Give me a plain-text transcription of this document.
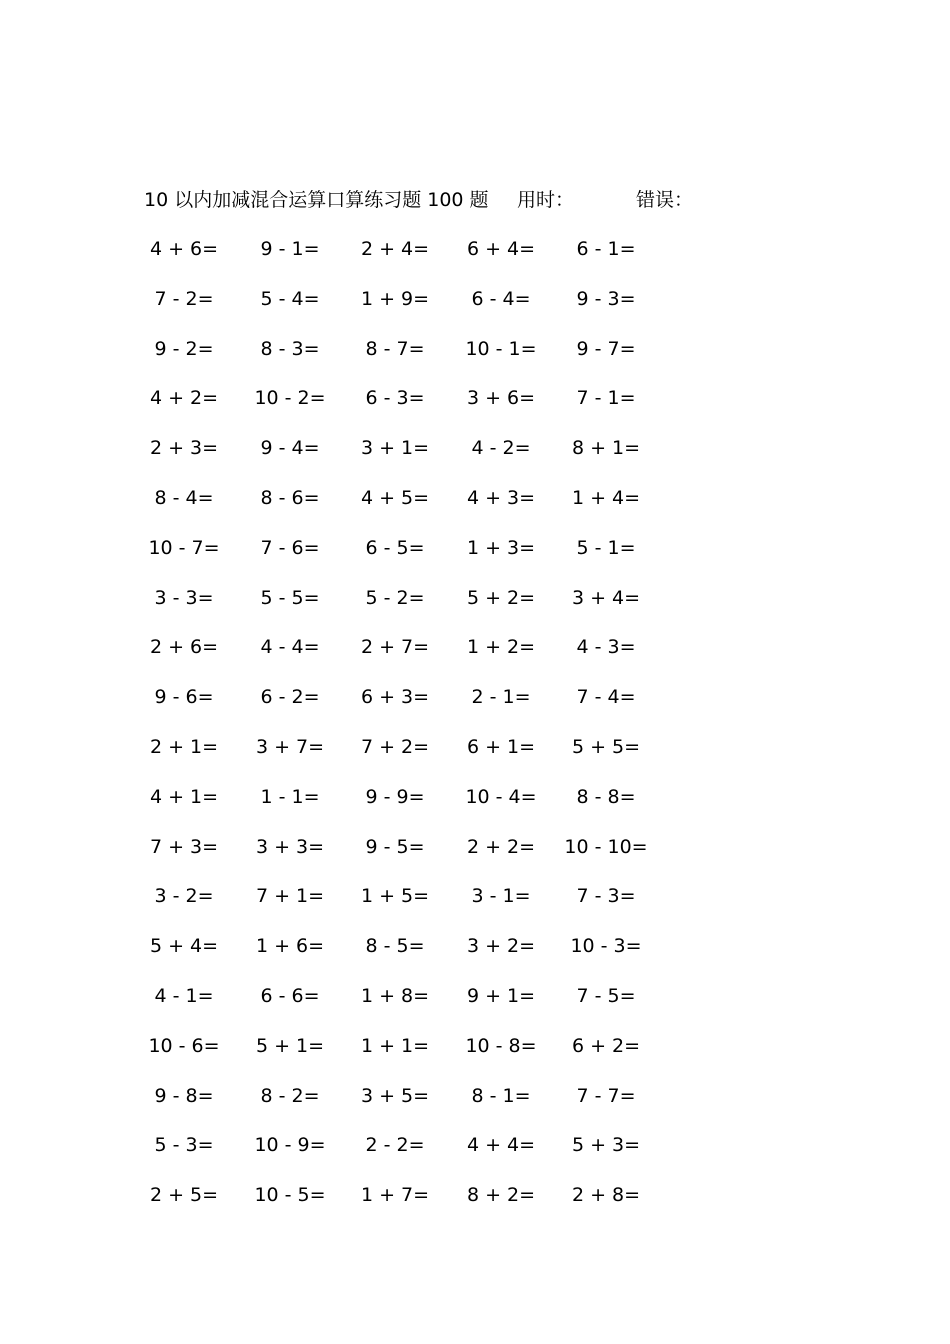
10 以内加减混合运算口算练习题 100 题 用时：	错误：
4 + 6=	9 - 1=	2 + 4=	6 + 4=	6 - 1=
7 - 2=	5 - 4=	1 + 9=	6 - 4=	9 - 3=
9 - 2=	8 - 3=	8 - 7=	10 - 1=	9 - 7=
4 + 2=	10 - 2=	6 - 3=	3 + 6=	7 - 1=
2 + 3=	9 - 4=	3 + 1=	4 - 2=	8 + 1=
8 - 4=	8 - 6=	4 + 5=	4 + 3=	1 + 4=
10 - 7=	7 - 6=	6 - 5=	1 + 3=	5 - 1=
3 - 3=	5 - 5=	5 - 2=	5 + 2=	3 + 4=
2 + 6=	4 - 4=	2 + 7=	1 + 2=	4 - 3=
9 - 6=	6 - 2=	6 + 3=	2 - 1=	7 - 4=
2 + 1=	3 + 7=	7 + 2=	6 + 1=	5 + 5=
4 + 1=	1 - 1=	9 - 9=	10 - 4=	8 - 8=
7 + 3=	3 + 3=	9 - 5=	2 + 2=	10 - 10=
3 - 2=	7 + 1=	1 + 5=	3 - 1=	7 - 3=
5 + 4=	1 + 6=	8 - 5=	3 + 2=	10 - 3=
4 - 1=	6 - 6=	1 + 8=	9 + 1=	7 - 5=
10 - 6=	5 + 1=	1 + 1=	10 - 8=	6 + 2=
9 - 8=	8 - 2=	3 + 5=	8 - 1=	7 - 7=
5 - 3=	10 - 9=	2 - 2=	4 + 4=	5 + 3=
2 + 5=	10 - 5=	1 + 7=	8 + 2=	2 + 8=
